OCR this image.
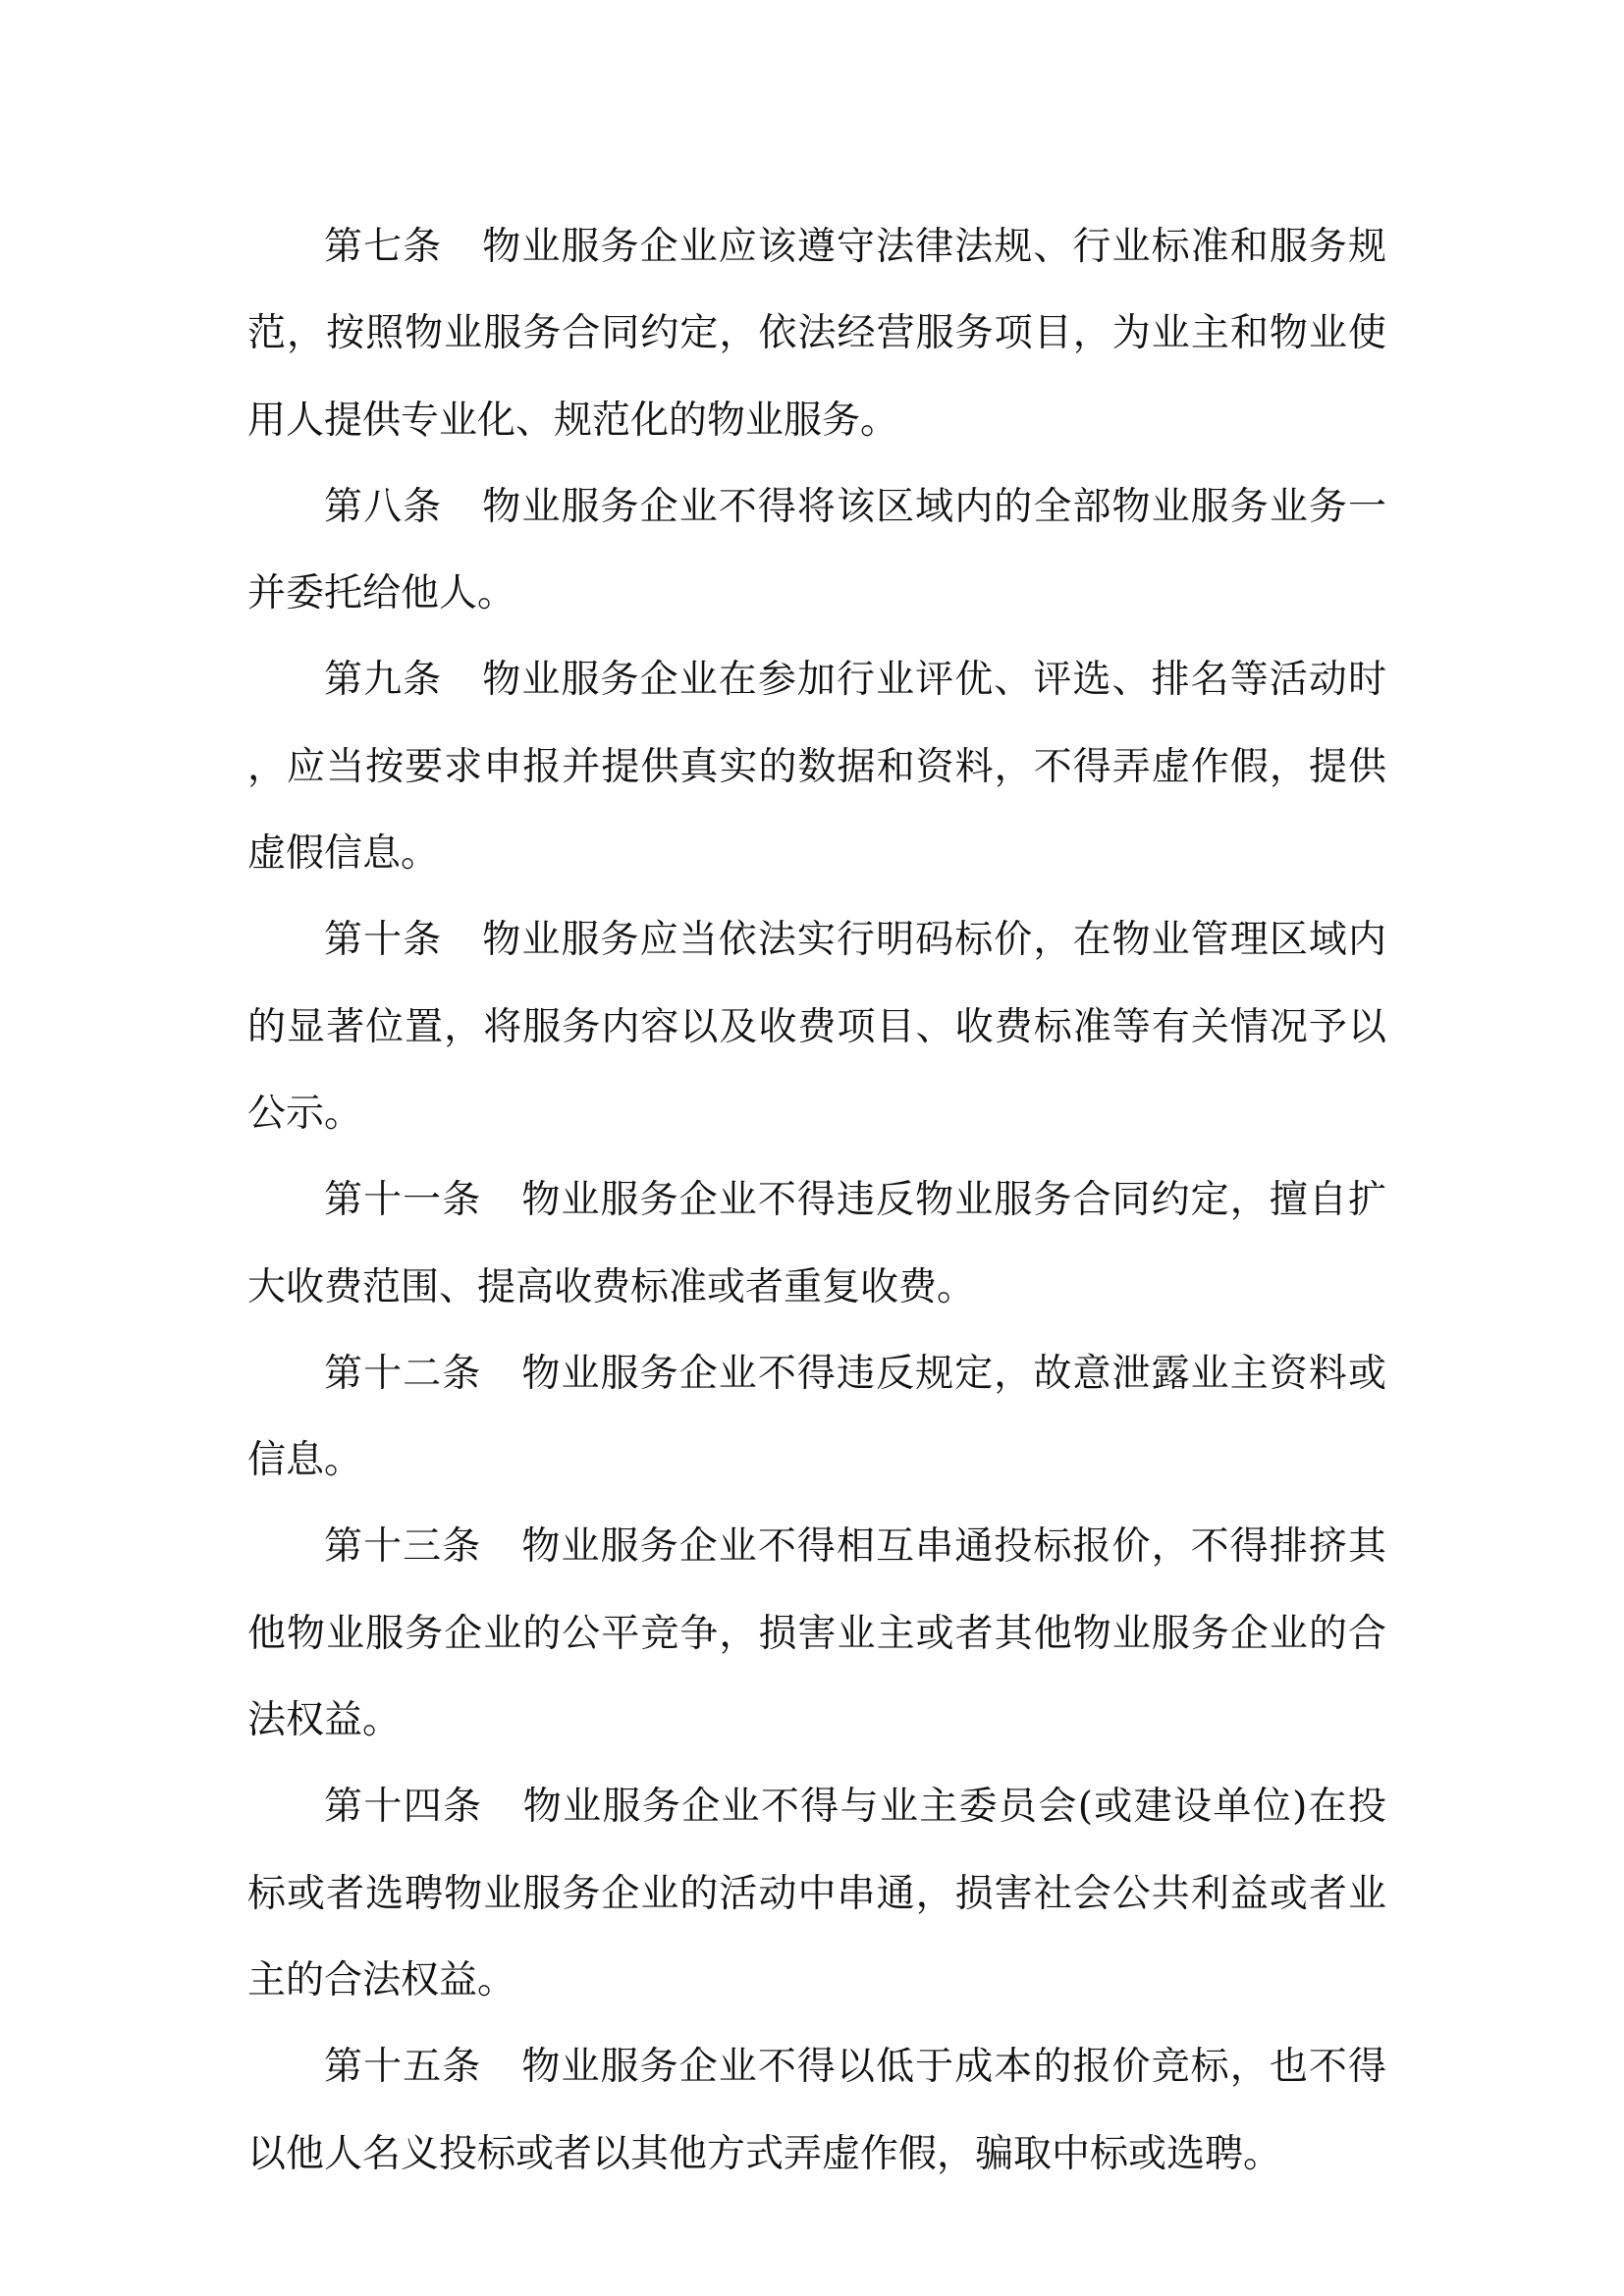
第七条 物业服务企业应该遵守法律法规、行业标准和服务规范，按照物业服务合同约定，依法经营服务项目，为业主和物业使用人提供专业化、规范化的物业服务。

第八条 物业服务企业不得将该区域内的全部物业服务业务一并委托给他人。

第九条 物业服务企业在参加行业评优、评选、排名等活动时，应当按要求申报并提供真实的数据和资料，不得弄虚作假，提供虚假信息。

第十条 物业服务应当依法实行明码标价，在物业管理区域内的显著位置，将服务内容以及收费项目、收费标准等有关情况予以公示。

第十一条 物业服务企业不得违反物业服务合同约定，擅自扩大收费范围、提高收费标准或者重复收费。

第十二条 物业服务企业不得违反规定，故意泄露业主资料或信息。

第十三条 物业服务企业不得相互串通投标报价，不得排挤其他物业服务企业的公平竞争，损害业主或者其他物业服务企业的合法权益。

第十四条 物业服务企业不得与业主委员会(或建设单位)在投标或者选聘物业服务企业的活动中串通，损害社会公共利益或者业主的合法权益。

第十五条 物业服务企业不得以低于成本的报价竞标，也不得以他人名义投标或者以其他方式弄虚作假，骗取中标或选聘。
